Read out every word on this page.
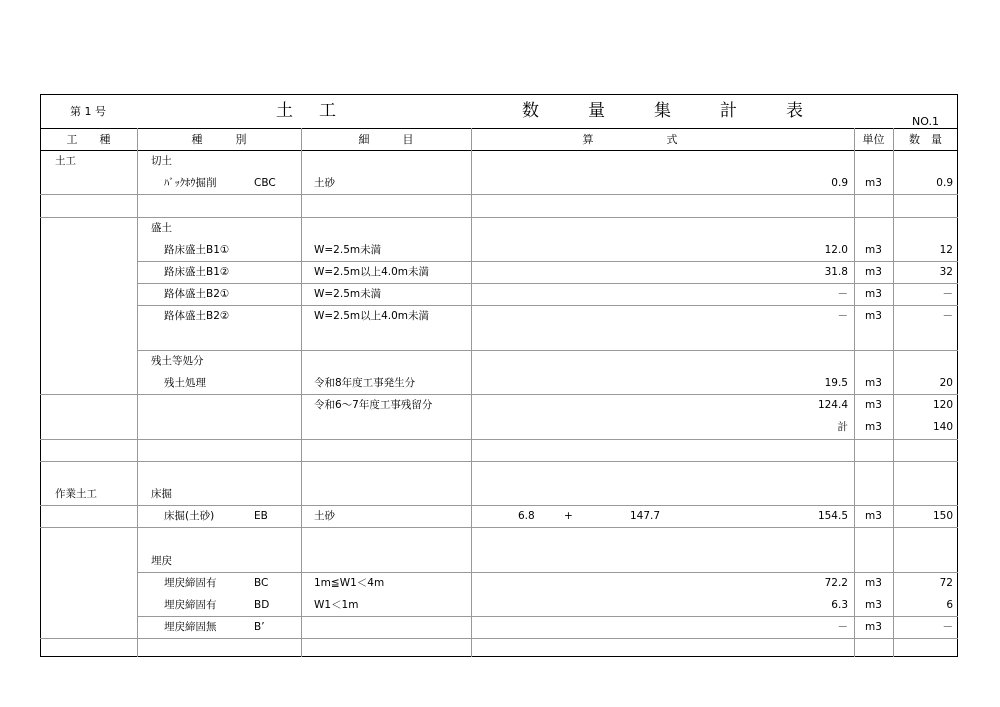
第 1 号	土 工	数	量	集	計	表
NO.1
工　　種	種　　　別	細　　　目	算	式	単位	数　量
土工	切土
ﾊﾞｯｸﾎｳ掘削	CBC	土砂	0.9	m3	0.9
盛土
路床盛土B1①	W=2.5m未満	12.0	m3	12
路床盛土B1②	W=2.5m以上4.0m未満	31.8	m3	32
路体盛土B2①	W=2.5m未満	－	m3	－
路体盛土B2②	W=2.5m以上4.0m未満	－	m3	－
残土等処分
残土処理	令和8年度工事発生分	19.5	m3	20
令和6～7年度工事残留分	124.4	m3	120
計	m3	140
作業土工	床掘
床掘(土砂)	EB	土砂	6.8	+	147.7	154.5	m3	150
埋戻
埋戻締固有	BC	1m≦W1＜4m	72.2	m3	72
埋戻締固有	BD	W1＜1m	6.3	m3	6
埋戻締固無	B’	－	m3	－
